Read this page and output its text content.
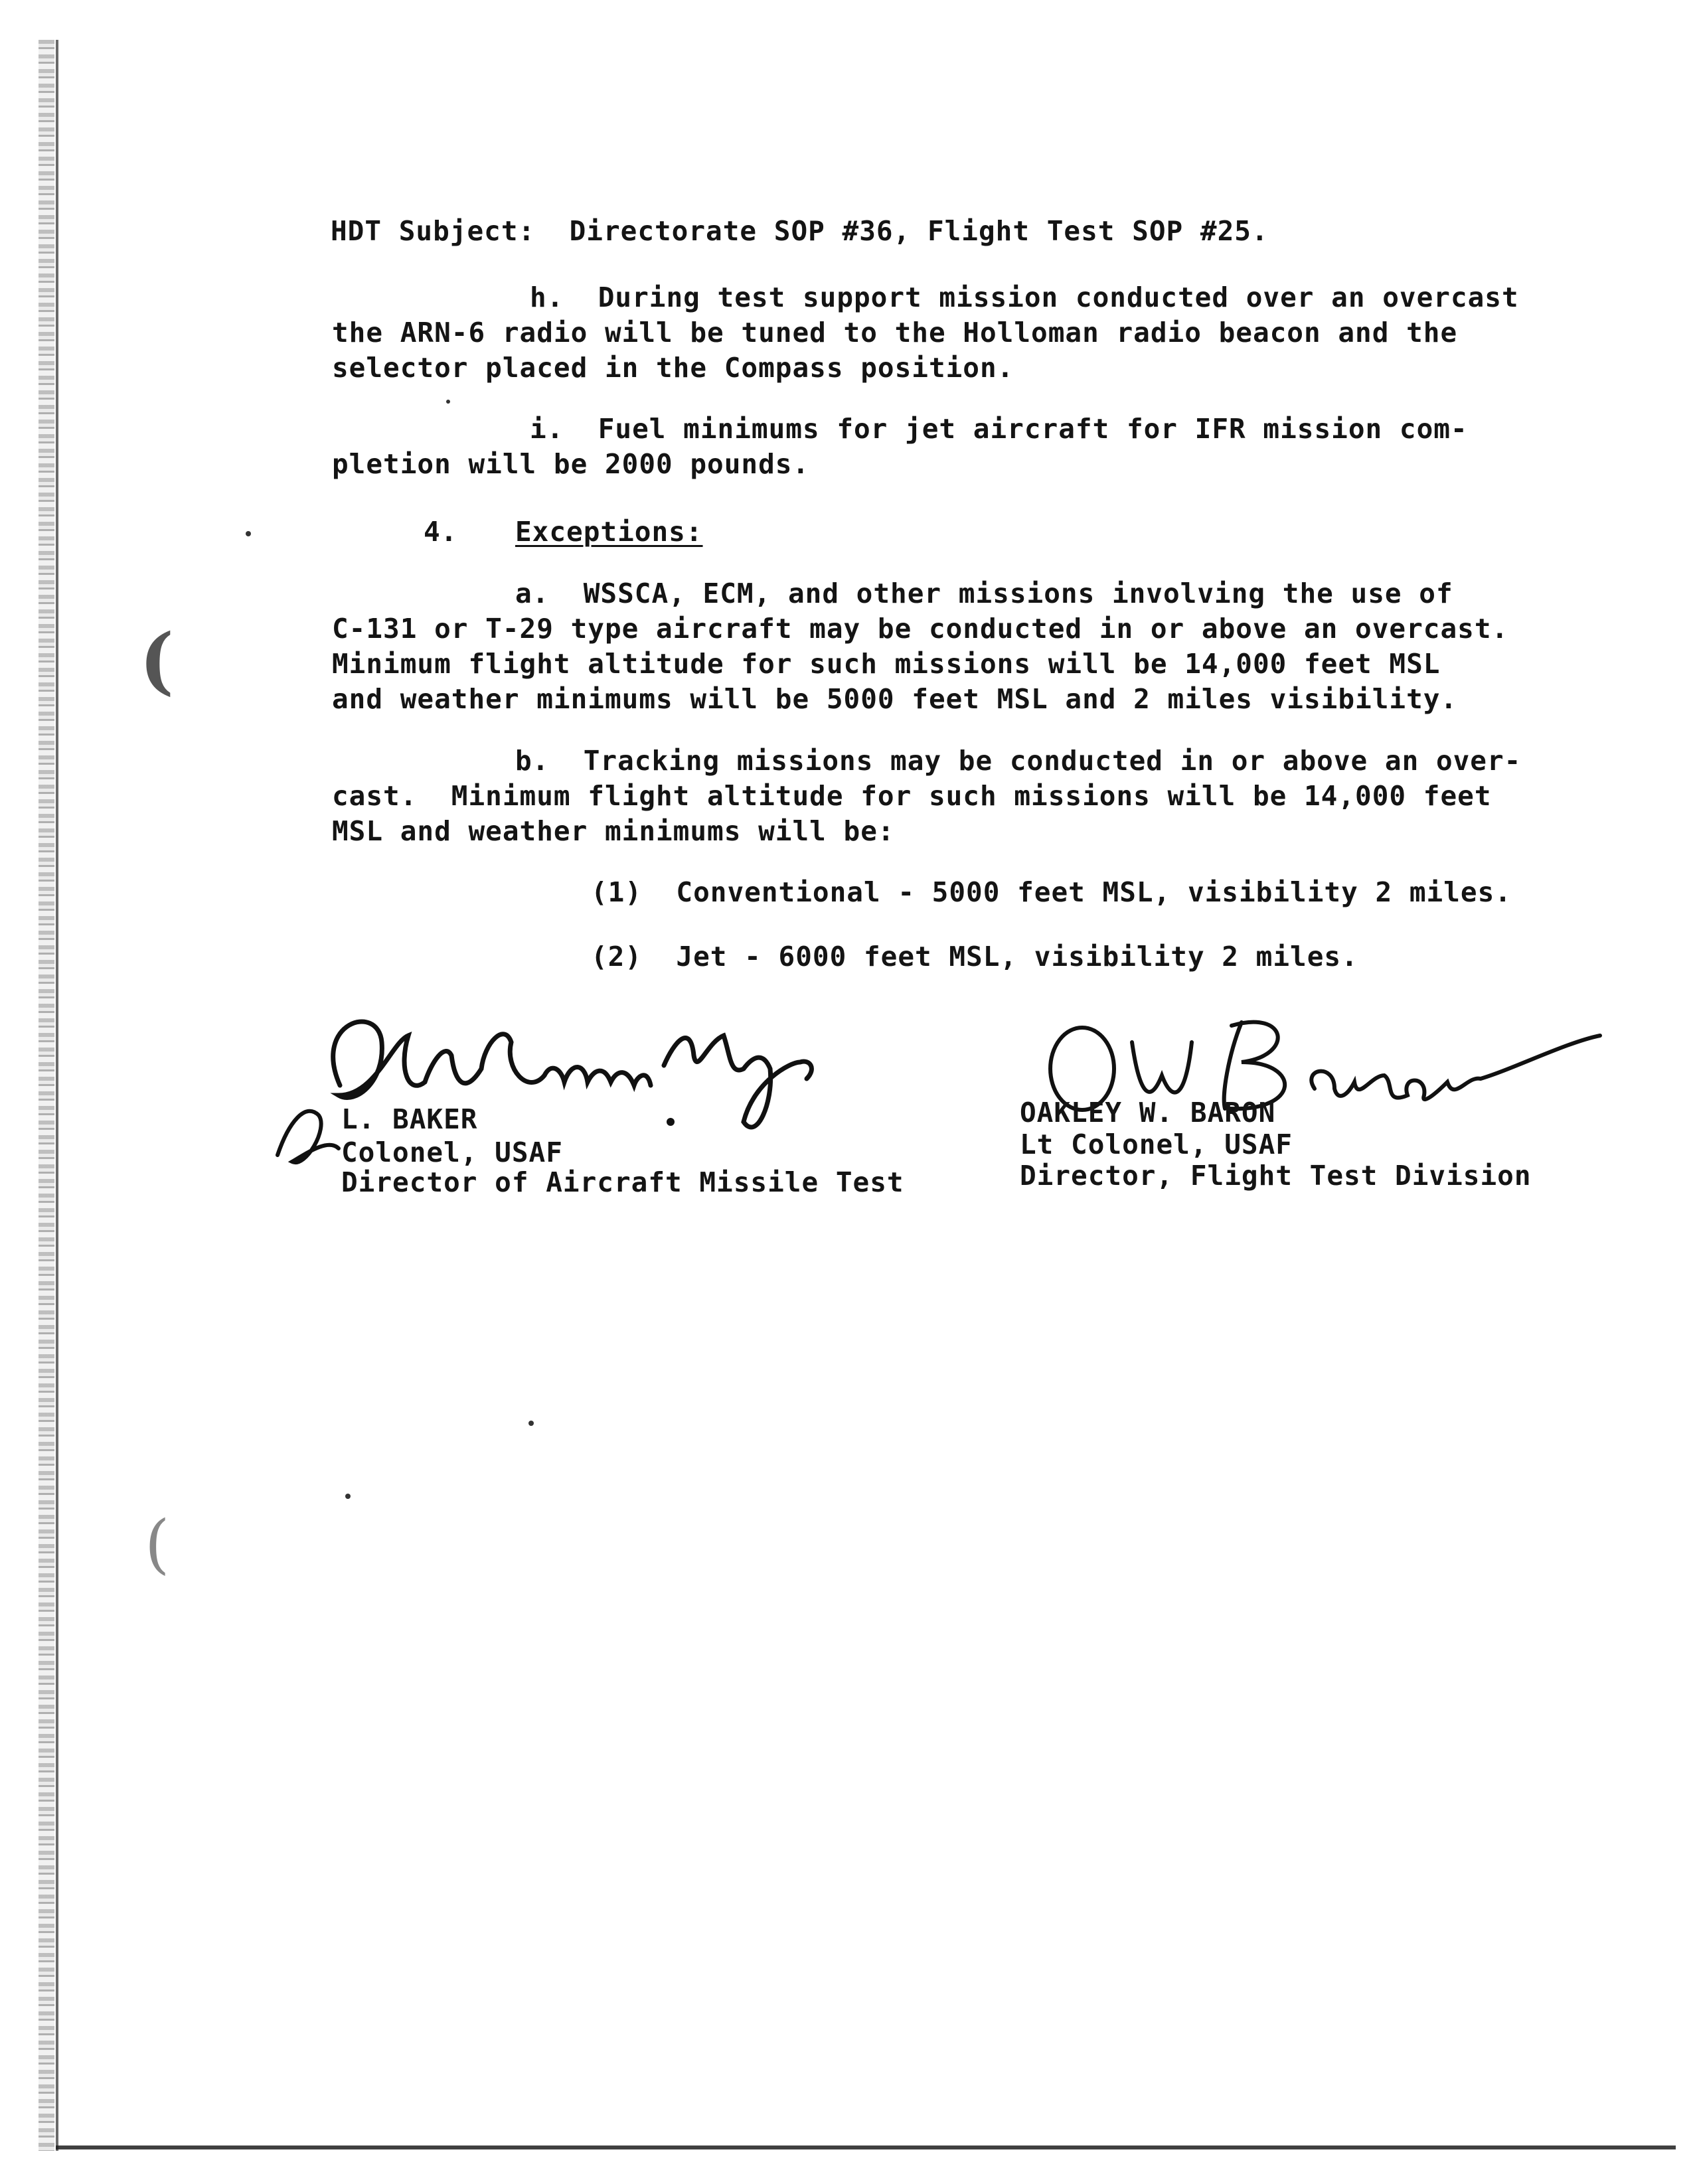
(
(
HDT Subject:  Directorate SOP #36, Flight Test SOP #25.
h.  During test support mission conducted over an overcast
the ARN-6 radio will be tuned to the Holloman radio beacon and the
selector placed in the Compass position.
i.  Fuel minimums for jet aircraft for IFR mission com-
pletion will be 2000 pounds.
4. Exceptions:
a.  WSSCA, ECM, and other missions involving the use of
C-131 or T-29 type aircraft may be conducted in or above an overcast.
Minimum flight altitude for such missions will be 14,000 feet MSL
and weather minimums will be 5000 feet MSL and 2 miles visibility.
b.  Tracking missions may be conducted in or above an over-
cast.  Minimum flight altitude for such missions will be 14,000 feet
MSL and weather minimums will be:
(1)  Conventional - 5000 feet MSL, visibility 2 miles.
(2)  Jet - 6000 feet MSL, visibility 2 miles.
L. BAKER
Colonel, USAF
Director of Aircraft Missile Test
OAKLEY W. BARON
Lt Colonel, USAF
Director, Flight Test Division
